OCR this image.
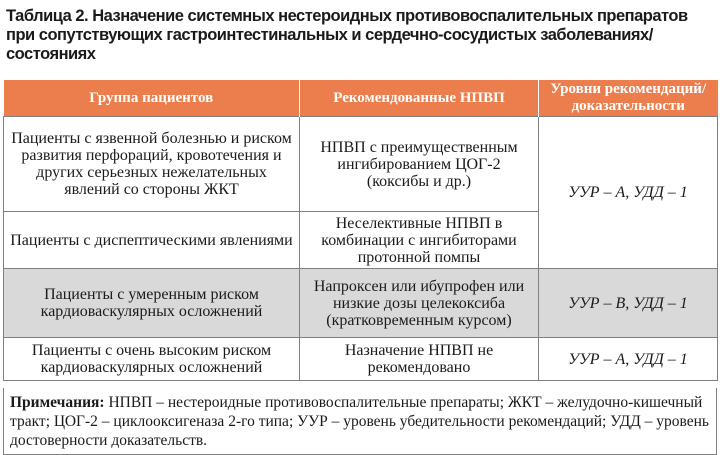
Таблица 2. Назначение системных нестероидных противовоспалительных препаратов при сопутствующих гастроинтестинальных и сердечно-сосудистых заболеваниях/состояниях
Группа пациентов	Рекомендованные НПВП	Уровни рекомендаций/ доказательности
Пациенты с язвенной болезнью и риском развития перфораций, кровотечения и других серьезных нежелательных явлений со стороны ЖКТ	НПВП с преимущественным ингибированием ЦОГ-2 (коксибы и др.)	УУР – A, УДД – 1
Пациенты с диспептическими явлениями	Неселективные НПВП в комбинации с ингибиторами протонной помпы	
Пациенты с умеренным риском кардиоваскулярных осложнений	Напроксен или ибупрофен или низкие дозы целекоксиба (кратковременным курсом)	УУР – B, УДД – 1
Пациенты с очень высоким риском кардиоваскулярных осложнений	Назначение НПВП не рекомендовано	УУР – A, УДД – 1
Примечания: НПВП – нестероидные противовоспалительные препараты; ЖКТ – желудочно-кишечный тракт; ЦОГ-2 – циклооксигеназа 2-го типа; УУР – уровень убедительности рекомендаций; УДД – уровень достоверности доказательств.
